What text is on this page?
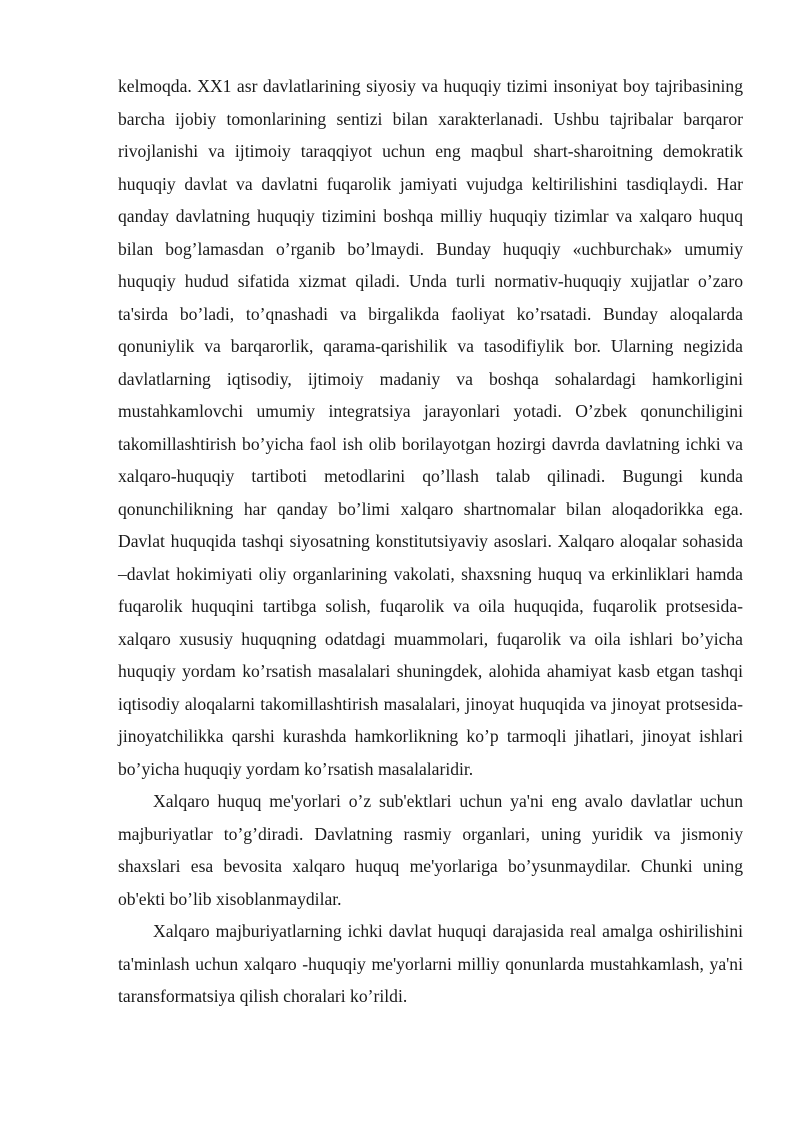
kelmoqda. XX1 asr davlatlarining siyosiy va huquqiy tizimi insoniyat boy tajribasining barcha ijobiy tomonlarining sentizi bilan xarakterlanadi. Ushbu tajribalar barqaror rivojlanishi va ijtimoiy taraqqiyot uchun eng maqbul shart-sharoitning demokratik huquqiy davlat va davlatni fuqarolik jamiyati vujudga keltirilishini tasdiqlaydi. Har qanday davlatning huquqiy tizimini boshqa milliy huquqiy tizimlar va xalqaro huquq bilan bog’lamasdan o’rganib bo’lmaydi. Bunday huquqiy «uchburchak» umumiy huquqiy hudud sifatida xizmat qiladi. Unda turli normativ-huquqiy xujjatlar o’zaro ta'sirda bo’ladi, to’qnashadi va birgalikda faoliyat ko’rsatadi. Bunday aloqalarda qonuniylik va barqarorlik, qarama-qarishilik va tasodifiylik bor. Ularning negizida davlatlarning iqtisodiy, ijtimoiy madaniy va boshqa sohalardagi hamkorligini mustahkamlovchi umumiy integratsiya jarayonlari yotadi. O’zbek qonunchiligini takomillashtirish bo’yicha faol ish olib borilayotgan hozirgi davrda davlatning ichki va xalqaro-huquqiy tartiboti metodlarini qo’llash talab qilinadi. Bugungi kunda qonunchilikning har qanday bo’limi xalqaro shartnomalar bilan aloqadorikka ega. Davlat huquqida tashqi siyosatning konstitutsiyaviy asoslari. Xalqaro aloqalar sohasida –davlat hokimiyati oliy organlarining vakolati, shaxsning huquq va erkinliklari hamda fuqarolik huquqini tartibga solish, fuqarolik va oila huquqida, fuqarolik protsesida-xalqaro xususiy huquqning odatdagi muammolari, fuqarolik va oila ishlari bo’yicha huquqiy yordam ko’rsatish masalalari shuningdek, alohida ahamiyat kasb etgan tashqi iqtisodiy aloqalarni takomillashtirish masalalari, jinoyat huquqida va jinoyat protsesida-jinoyatchilikka qarshi kurashda hamkorlikning ko’p tarmoqli jihatlari, jinoyat ishlari bo’yicha huquqiy yordam ko’rsatish masalalaridir.

Xalqaro huquq me'yorlari o’z sub'ektlari uchun ya'ni eng avalo davlatlar uchun majburiyatlar to’g’diradi. Davlatning rasmiy organlari, uning yuridik va jismoniy shaxslari esa bevosita xalqaro huquq me'yorlariga bo’ysunmaydilar. Chunki uning ob'ekti bo’lib xisoblanmaydilar.

Xalqaro majburiyatlarning ichki davlat huquqi darajasida real amalga oshirilishini ta'minlash uchun xalqaro -huquqiy me'yorlarni milliy qonunlarda mustahkamlash, ya'ni taransformatsiya qilish choralari ko’rildi.
